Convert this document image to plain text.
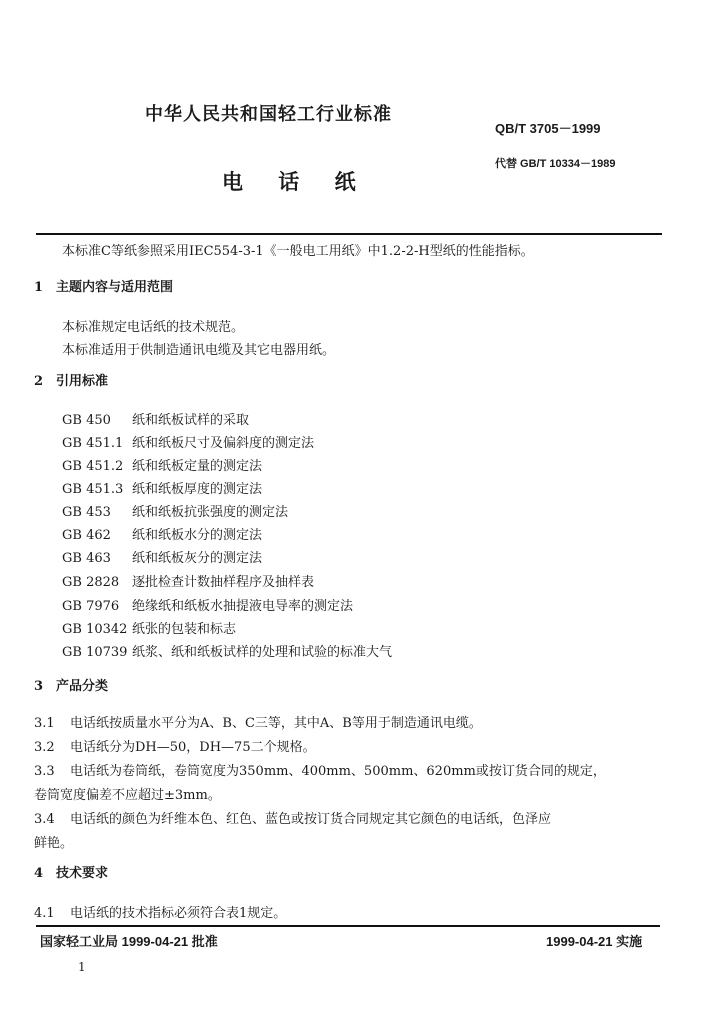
中华人民共和国轻工行业标准
QB/T 3705－1999
代替 GB/T 10334－1989
电 话 纸
本标准C等纸参照采用IEC554-3-1《一般电工用纸》中1.2-2-H型纸的性能指标。
1　主题内容与适用范围
本标准规定电话纸的技术规范。
本标准适用于供制造通讯电缆及其它电器用纸。
2　引用标准
GB 450 纸和纸板试样的采取
GB 451.1 纸和纸板尺寸及偏斜度的测定法
GB 451.2 纸和纸板定量的测定法
GB 451.3 纸和纸板厚度的测定法
GB 453 纸和纸板抗张强度的测定法
GB 462 纸和纸板水分的测定法
GB 463 纸和纸板灰分的测定法
GB 2828 逐批检查计数抽样程序及抽样表
GB 7976 绝缘纸和纸板水抽提液电导率的测定法
GB 10342 纸张的包装和标志
GB 10739 纸浆、纸和纸板试样的处理和试验的标准大气
3　产品分类
3.1 电话纸按质量水平分为A、B、C三等，其中A、B等用于制造通讯电缆。
3.2 电话纸分为DH—50，DH—75二个规格。
3.3 电话纸为卷筒纸，卷筒宽度为350mm、400mm、500mm、620mm或按订货合同的规定，
卷筒宽度偏差不应超过±3mm。
3.4 电话纸的颜色为纤维本色、红色、蓝色或按订货合同规定其它颜色的电话纸，色泽应
鲜艳。
4　技术要求
4.1 电话纸的技术指标必须符合表1规定。
国家轻工业局 1999-04-21 批准	1999-04-21 实施
1
